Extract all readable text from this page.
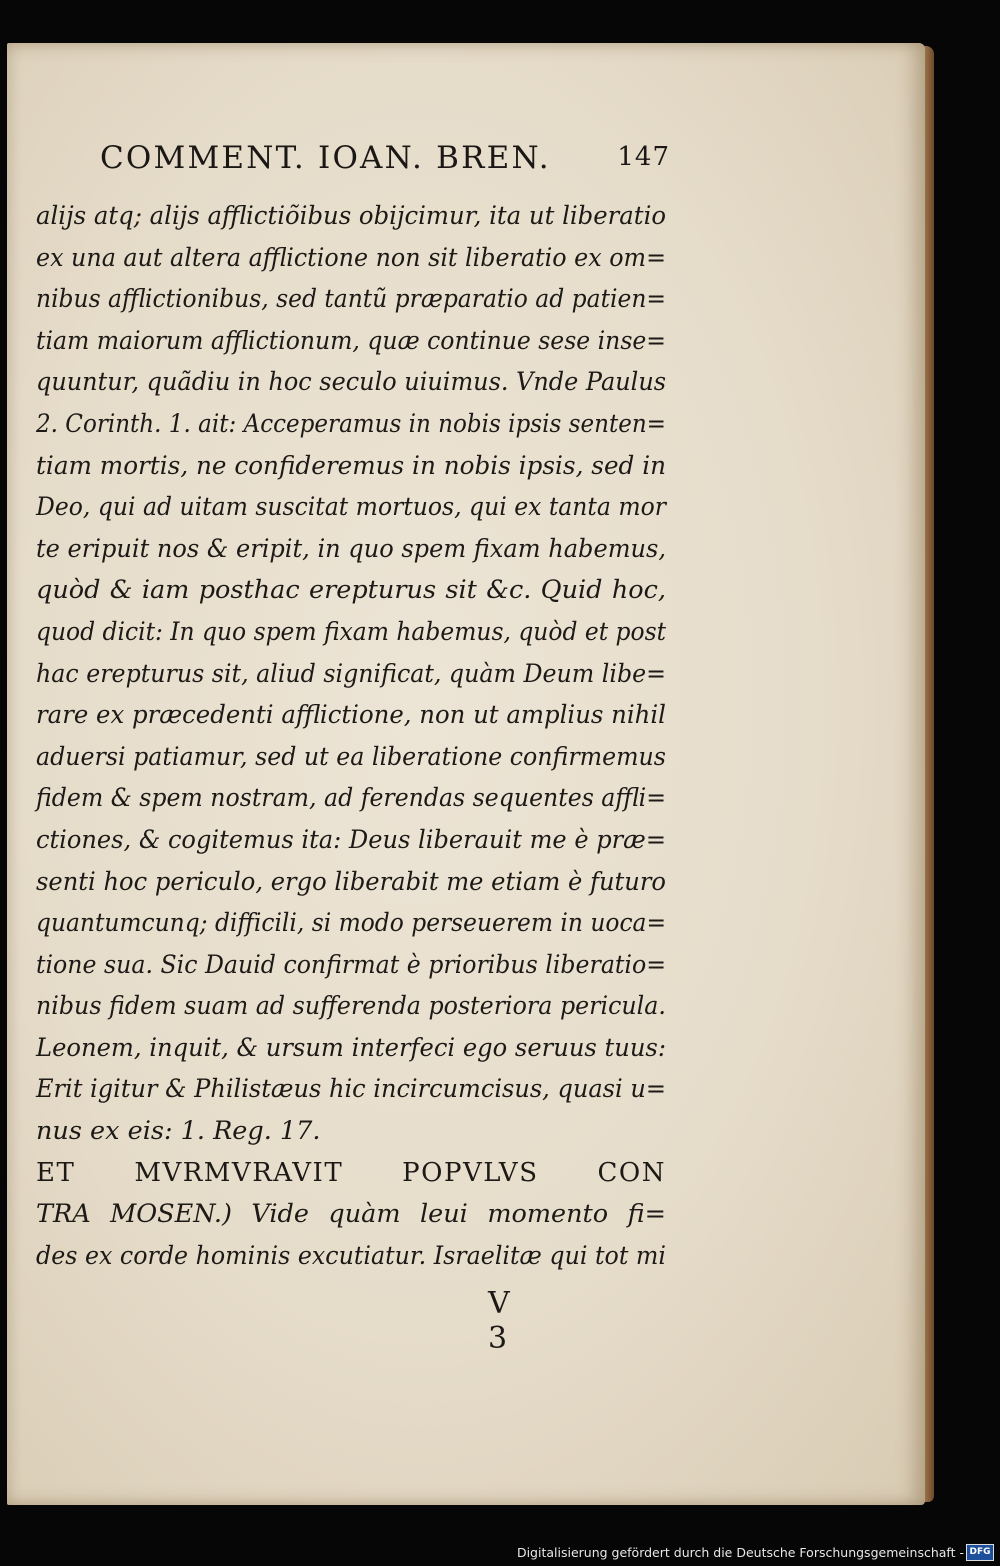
COMMENT. IOAN. BREN.	147
alijs atq; alijs afflictiõibus obijcimur, ita ut liberatio
ex una aut altera afflictione non sit liberatio ex om=
nibus afflictionibus, sed tantũ præparatio ad patien=
tiam maiorum afflictionum, quæ continue sese inse=
quuntur, quãdiu in hoc seculo uiuimus. Vnde Paulus
2. Corinth. 1. ait: Acceperamus in nobis ipsis senten=
tiam mortis, ne confideremus in nobis ipsis, sed in
Deo, qui ad uitam suscitat mortuos, qui ex tanta mor
te eripuit nos & eripit, in quo spem fixam habemus,
quòd & iam posthac erepturus sit &c. Quid hoc,
quod dicit: In quo spem fixam habemus, quòd et post
hac erepturus sit, aliud significat, quàm Deum libe=
rare ex præcedenti afflictione, non ut amplius nihil
aduersi patiamur, sed ut ea liberatione confirmemus
fidem & spem nostram, ad ferendas sequentes affli=
ctiones, & cogitemus ita: Deus liberauit me è præ=
senti hoc periculo, ergo liberabit me etiam è futuro
quantumcunq; difficili, si modo perseuerem in uoca=
tione sua. Sic Dauid confirmat è prioribus liberatio=
nibus fidem suam ad sufferenda posteriora pericula.
Leonem, inquit, & ursum interfeci ego seruus tuus:
Erit igitur & Philistæus hic incircumcisus, quasi u=
nus ex eis: 1. Reg. 17.
ET MVRMVRAVIT POPVLVS CON
TRA MOSEN.) Vide quàm leui momento fi=
des ex corde hominis excutiatur. Israelitæ qui tot mi
V 3
Digitalisierung gefördert durch die Deutsche Forschungsgemeinschaft - DFG
